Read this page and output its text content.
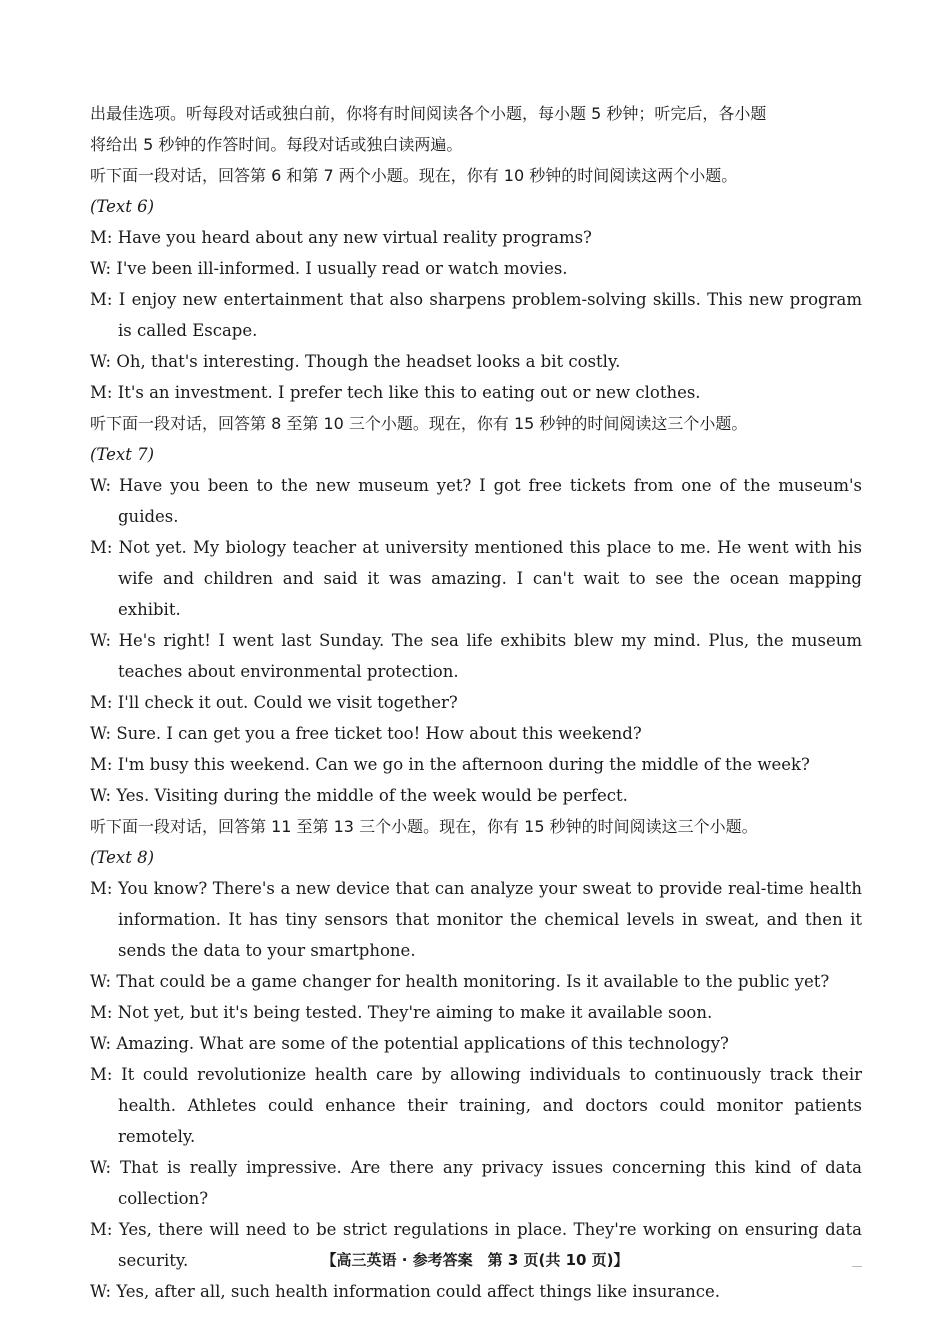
出最佳选项。听每段对话或独白前，你将有时间阅读各个小题，每小题 5 秒钟；听完后，各小题
将给出 5 秒钟的作答时间。每段对话或独白读两遍。
听下面一段对话，回答第 6 和第 7 两个小题。现在，你有 10 秒钟的时间阅读这两个小题。
(Text 6)
M: Have you heard about any new virtual reality programs?
W: I've been ill-informed. I usually read or watch movies.
M: I enjoy new entertainment that also sharpens problem-solving skills. This new program is called Escape.
W: Oh, that's interesting. Though the headset looks a bit costly.
M: It's an investment. I prefer tech like this to eating out or new clothes.
听下面一段对话，回答第 8 至第 10 三个小题。现在，你有 15 秒钟的时间阅读这三个小题。
(Text 7)
W: Have you been to the new museum yet? I got free tickets from one of the museum's guides.
M: Not yet. My biology teacher at university mentioned this place to me. He went with his wife and children and said it was amazing. I can't wait to see the ocean mapping exhibit.
W: He's right! I went last Sunday. The sea life exhibits blew my mind. Plus, the museum teaches about environmental protection.
M: I'll check it out. Could we visit together?
W: Sure. I can get you a free ticket too! How about this weekend?
M: I'm busy this weekend. Can we go in the afternoon during the middle of the week?
W: Yes. Visiting during the middle of the week would be perfect.
听下面一段对话，回答第 11 至第 13 三个小题。现在，你有 15 秒钟的时间阅读这三个小题。
(Text 8)
M: You know? There's a new device that can analyze your sweat to provide real-time health information. It has tiny sensors that monitor the chemical levels in sweat, and then it sends the data to your smartphone.
W: That could be a game changer for health monitoring. Is it available to the public yet?
M: Not yet, but it's being tested. They're aiming to make it available soon.
W: Amazing. What are some of the potential applications of this technology?
M: It could revolutionize health care by allowing individuals to continuously track their health. Athletes could enhance their training, and doctors could monitor patients remotely.
W: That is really impressive. Are there any privacy issues concerning this kind of data collection?
M: Yes, there will need to be strict regulations in place. They're working on ensuring data security.
W: Yes, after all, such health information could affect things like insurance.
【高三英语 · 参考答案　第 3 页(共 10 页)】
